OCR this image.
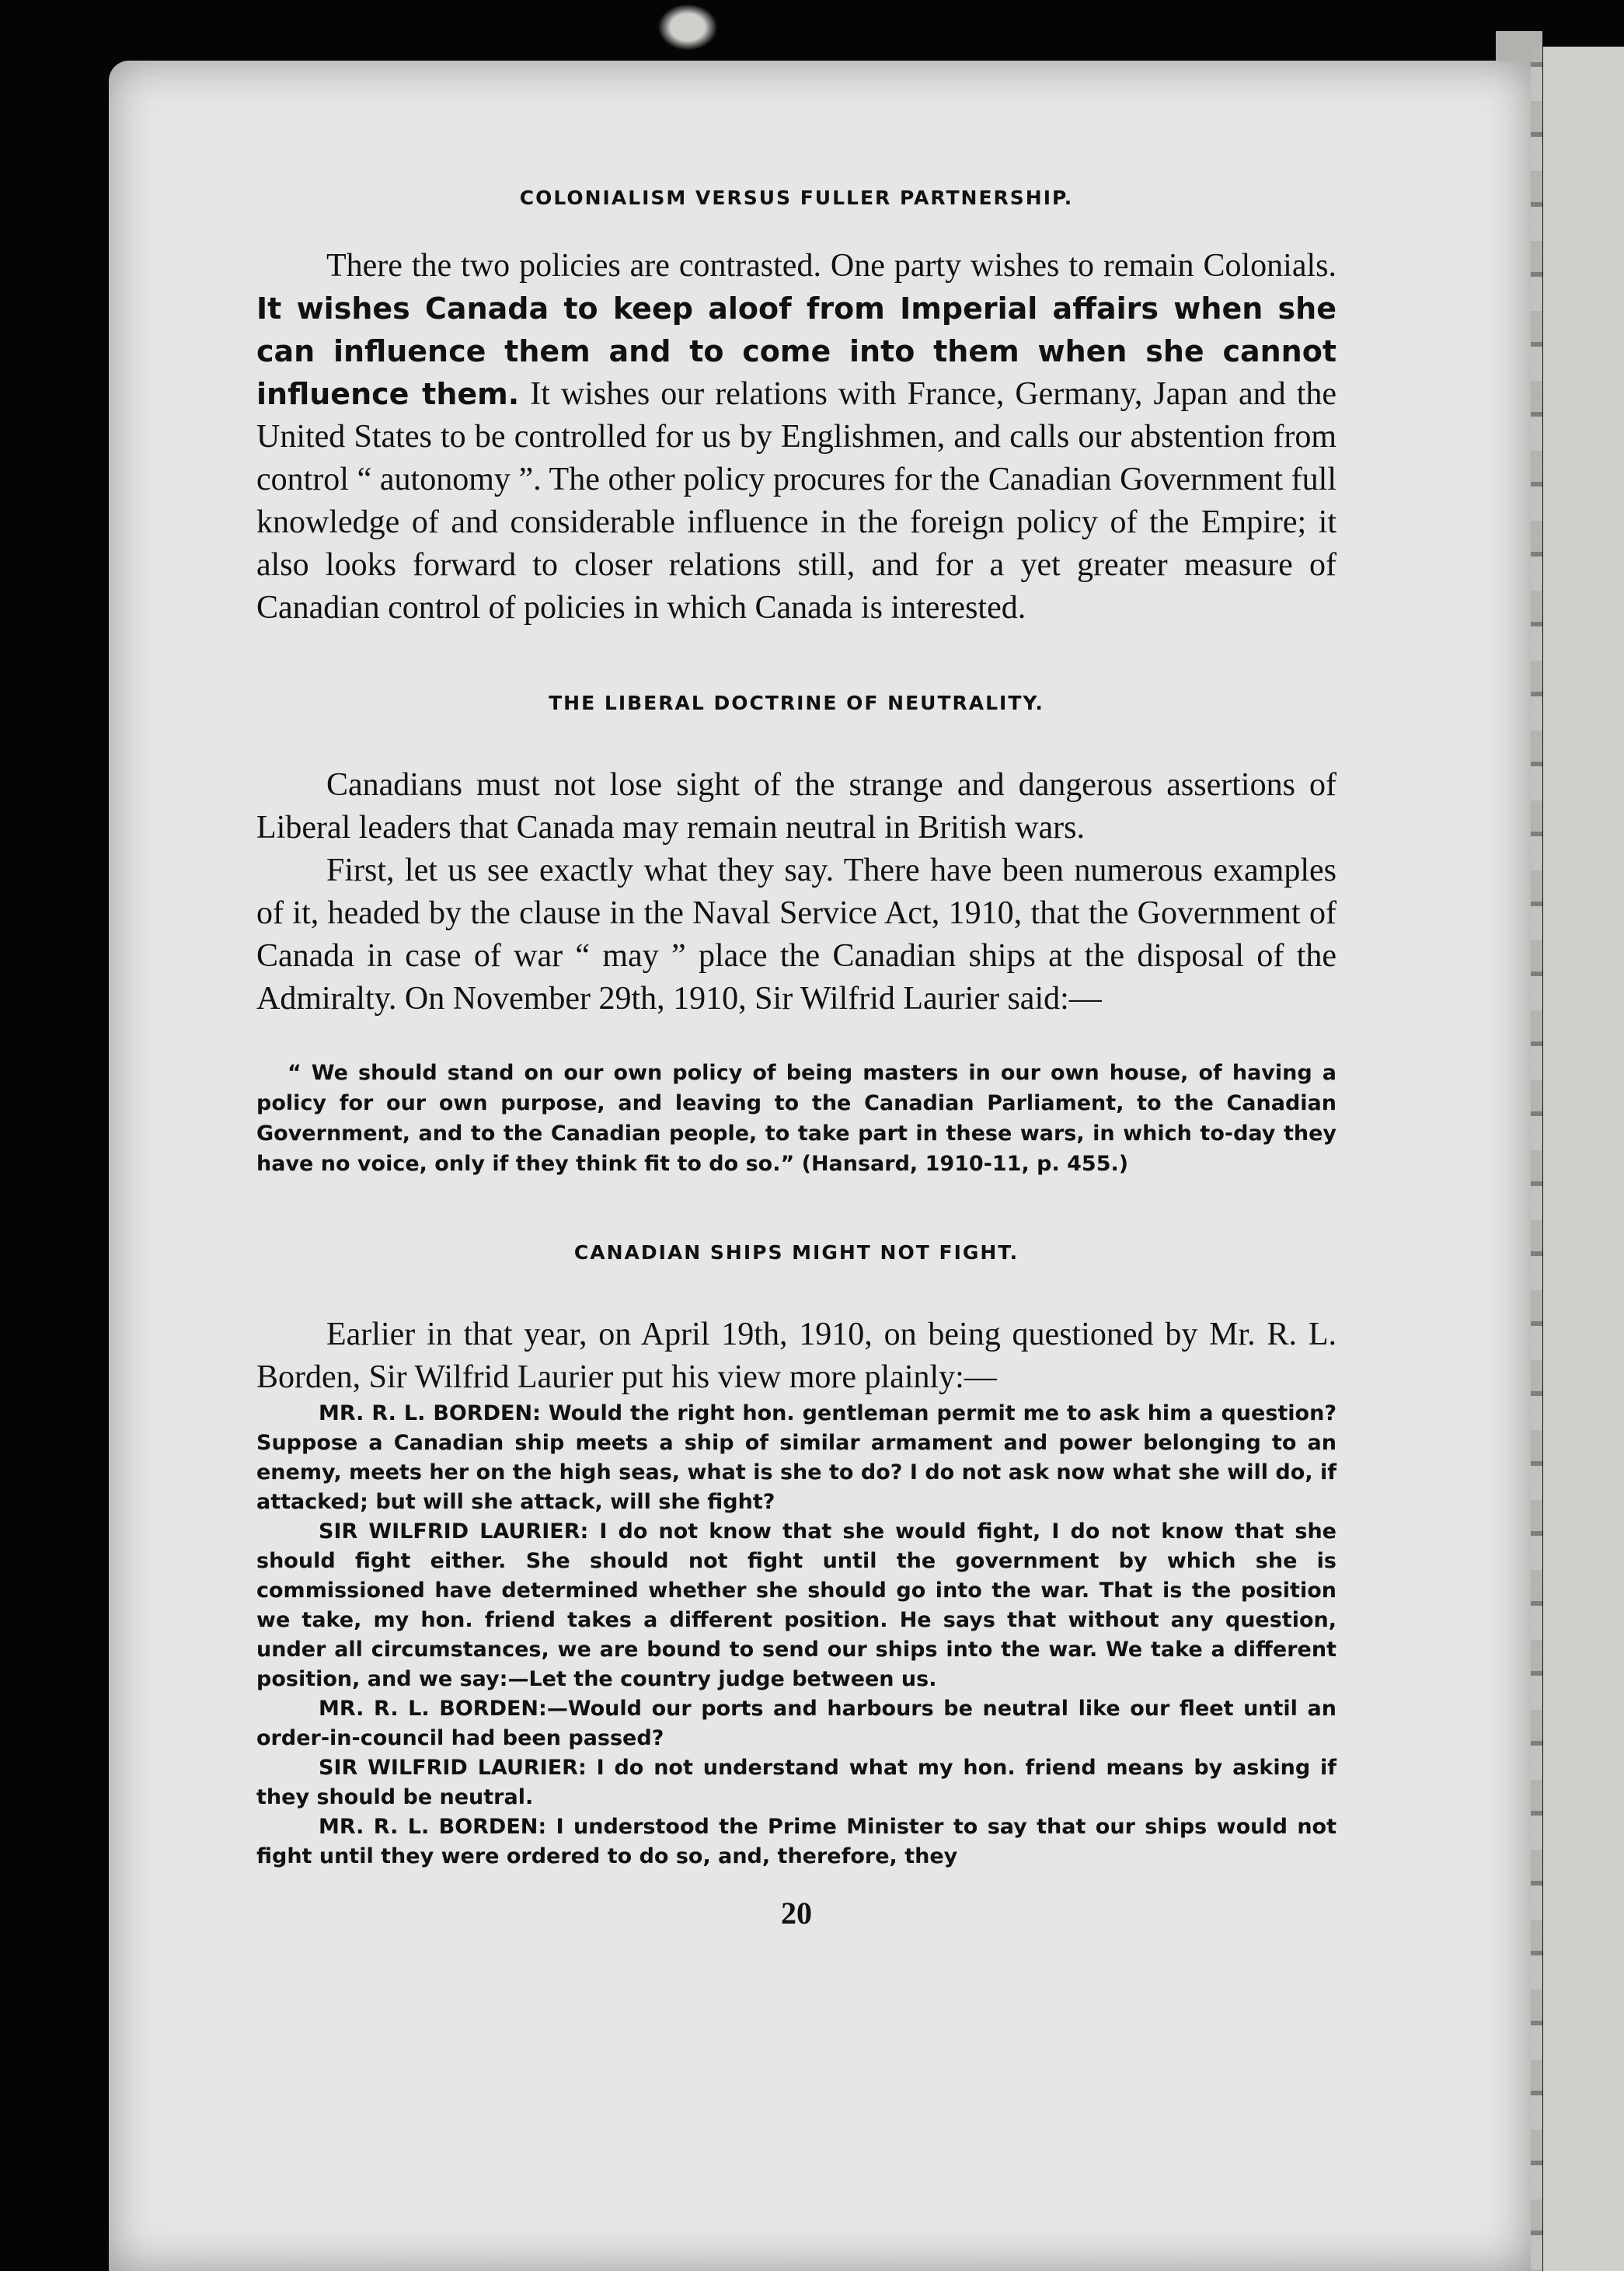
COLONIALISM VERSUS FULLER PARTNERSHIP.

There the two policies are contrasted. One party wishes to remain Colonials. It wishes Canada to keep aloof from Imperial affairs when she can influence them and to come into them when she cannot influence them. It wishes our relations with France, Germany, Japan and the United States to be controlled for us by Englishmen, and calls our abstention from control “ autonomy ”. The other policy procures for the Canadian Government full knowledge of and considerable influence in the foreign policy of the Empire; it also looks forward to closer relations still, and for a yet greater measure of Canadian control of policies in which Canada is interested.

THE LIBERAL DOCTRINE OF NEUTRALITY.

Canadians must not lose sight of the strange and dangerous assertions of Liberal leaders that Canada may remain neutral in British wars.

First, let us see exactly what they say. There have been numerous examples of it, headed by the clause in the Naval Service Act, 1910, that the Government of Canada in case of war “ may ” place the Canadian ships at the disposal of the Admiralty. On November 29th, 1910, Sir Wilfrid Laurier said:—

“ We should stand on our own policy of being masters in our own house, of having a policy for our own purpose, and leaving to the Canadian Parliament, to the Canadian Government, and to the Canadian people, to take part in these wars, in which to-day they have no voice, only if they think fit to do so.” (Hansard, 1910-11, p. 455.)

CANADIAN SHIPS MIGHT NOT FIGHT.

Earlier in that year, on April 19th, 1910, on being questioned by Mr. R. L. Borden, Sir Wilfrid Laurier put his view more plainly:—

MR. R. L. BORDEN: Would the right hon. gentleman permit me to ask him a question? Suppose a Canadian ship meets a ship of similar armament and power belonging to an enemy, meets her on the high seas, what is she to do? I do not ask now what she will do, if attacked; but will she attack, will she fight?

SIR WILFRID LAURIER: I do not know that she would fight, I do not know that she should fight either. She should not fight until the government by which she is commissioned have determined whether she should go into the war. That is the position we take, my hon. friend takes a different position. He says that without any question, under all circumstances, we are bound to send our ships into the war. We take a different position, and we say:—Let the country judge between us.

MR. R. L. BORDEN:—Would our ports and harbours be neutral like our fleet until an order-in-council had been passed?

SIR WILFRID LAURIER: I do not understand what my hon. friend means by asking if they should be neutral.

MR. R. L. BORDEN: I understood the Prime Minister to say that our ships would not fight until they were ordered to do so, and, therefore, they

20
